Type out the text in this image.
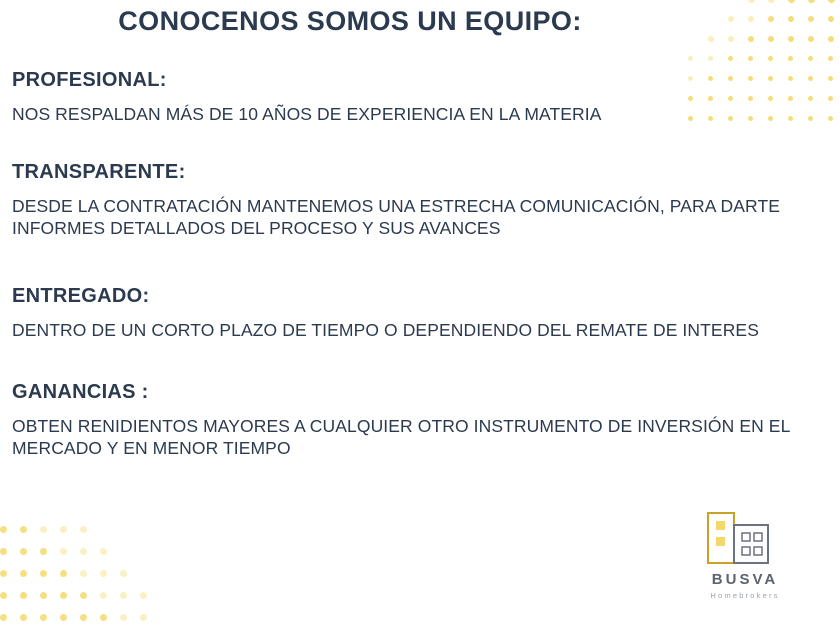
CONOCENOS SOMOS UN EQUIPO:

PROFESIONAL:

NOS RESPALDAN MÁS DE 10 AÑOS DE EXPERIENCIA EN LA MATERIA

TRANSPARENTE:

DESDE LA CONTRATACIÓN MANTENEMOS UNA ESTRECHA COMUNICACIÓN, PARA DARTE INFORMES DETALLADOS DEL PROCESO Y SUS AVANCES

ENTREGADO:

DENTRO DE UN CORTO PLAZO DE TIEMPO O DEPENDIENDO DEL REMATE DE INTERES

GANANCIAS :

OBTEN RENIDIENTOS MAYORES A CUALQUIER OTRO INSTRUMENTO DE INVERSIÓN EN EL MERCADO Y EN MENOR TIEMPO

BUSVA
Homebrokers
